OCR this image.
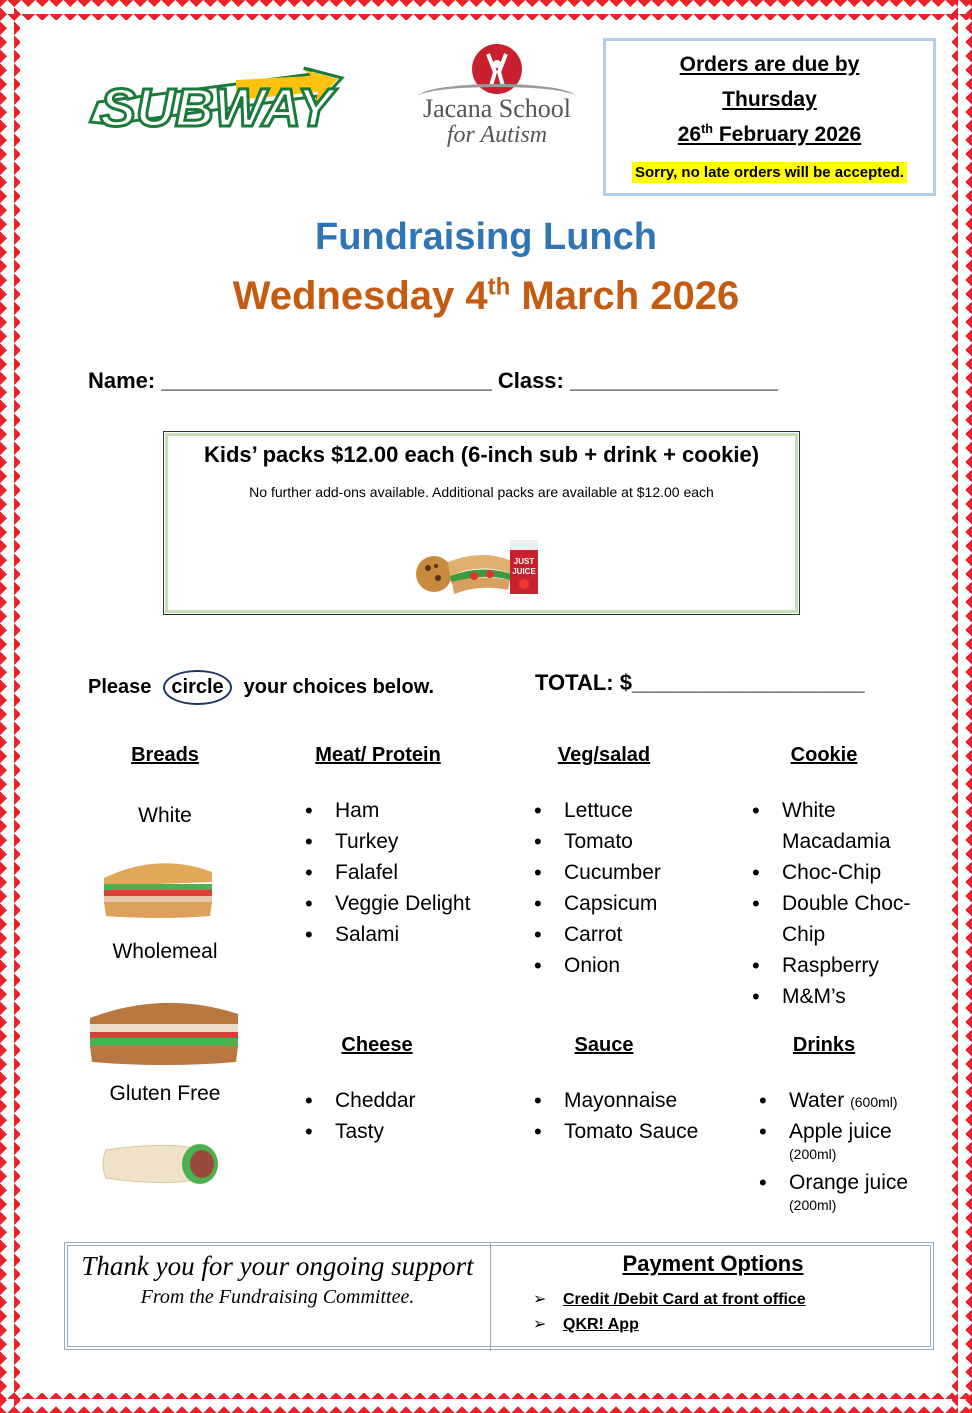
SUBWAY	Jacana School
for Autism
Orders are due by
Thursday
26th February 2026
Sorry, no late orders will be accepted.
Fundraising Lunch
Wednesday 4th March 2026
Name: ___________________________ Class: _________________
Kids’ packs $12.00 each (6-inch sub + drink + cookie)
No further add-ons available. Additional packs are available at $12.00 each
JUST
JUICE
Please circle your choices below.	TOTAL: $___________________
Breads
White
Wholemeal
Gluten Free
Meat/ Protein
• Ham
• Turkey
• Falafel
• Veggie Delight
• Salami
Veg/salad
• Lettuce
• Tomato
• Cucumber
• Capsicum
• Carrot
• Onion
Cookie
• White Macadamia
• Choc-Chip
• Double Choc-Chip
• Raspberry
• M&M’s
Cheese
• Cheddar
• Tasty
Sauce
• Mayonnaise
• Tomato Sauce
Drinks
• Water (600ml)
• Apple juice

(200ml)
• Orange juice

(200ml)
Thank you for your ongoing support
From the Fundraising Committee.
Payment Options
➢ Credit /Debit Card at front office
➢ QKR! App
